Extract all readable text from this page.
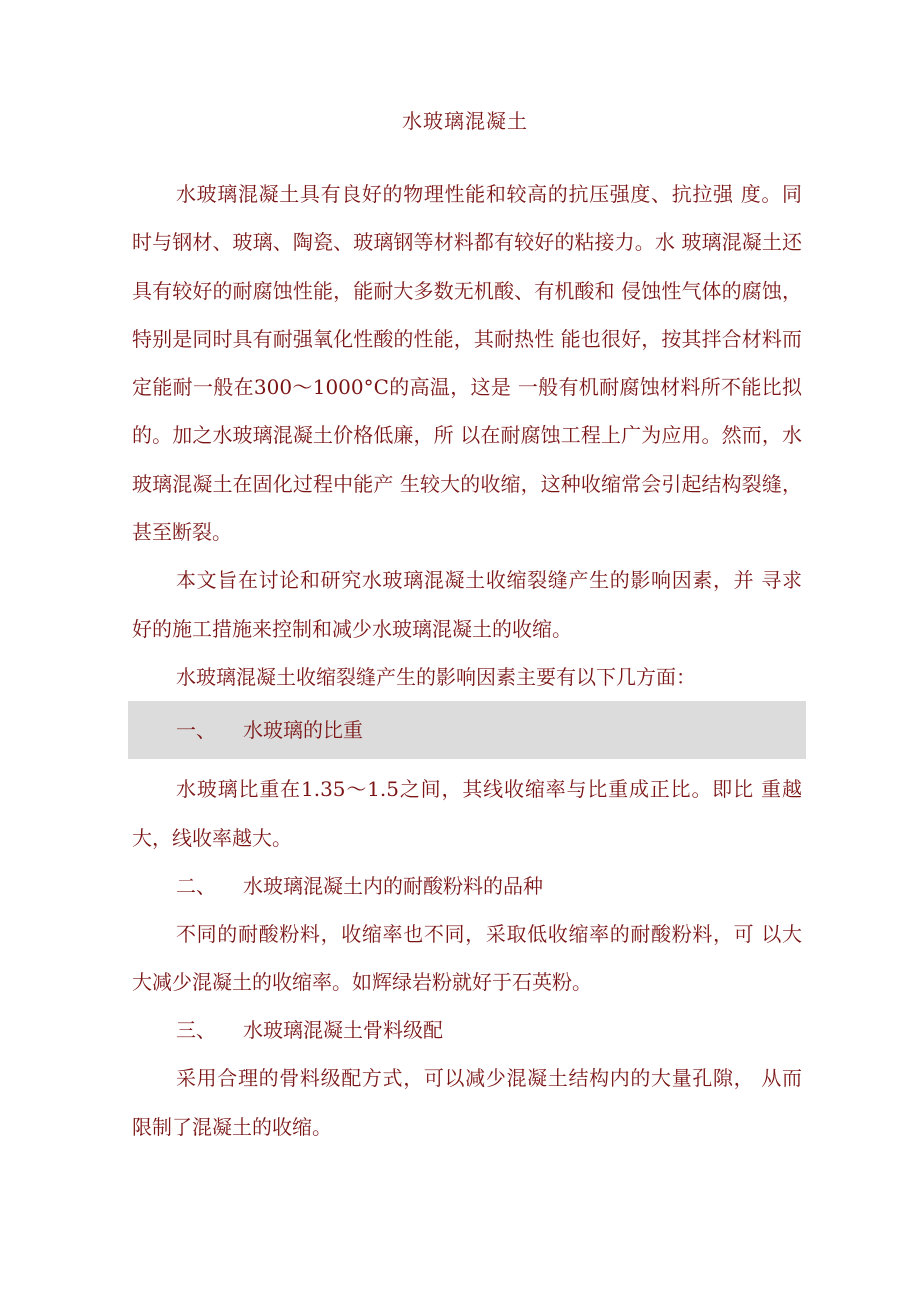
水玻璃混凝土

水玻璃混凝土具有良好的物理性能和较高的抗压强度、抗拉强 度。同时与钢材、玻璃、陶瓷、玻璃钢等材料都有较好的粘接力。水 玻璃混凝土还具有较好的耐腐蚀性能，能耐大多数无机酸、有机酸和 侵蚀性气体的腐蚀，特别是同时具有耐强氧化性酸的性能，其耐热性 能也很好，按其拌合材料而定能耐一般在300〜1000°C的高温，这是 一般有机耐腐蚀材料所不能比拟的。加之水玻璃混凝土价格低廉，所 以在耐腐蚀工程上广为应用。然而，水玻璃混凝土在固化过程中能产 生较大的收缩，这种收缩常会引起结构裂缝，甚至断裂。

本文旨在讨论和研究水玻璃混凝土收缩裂缝产生的影响因素，并 寻求好的施工措施来控制和减少水玻璃混凝土的收缩。

水玻璃混凝土收缩裂缝产生的影响因素主要有以下几方面：

一、	水玻璃的比重

水玻璃比重在1.35〜1.5之间，其线收缩率与比重成正比。即比 重越大，线收率越大。

二、	水玻璃混凝土内的耐酸粉料的品种

不同的耐酸粉料，收缩率也不同，采取低收缩率的耐酸粉料，可 以大大减少混凝土的收缩率。如辉绿岩粉就好于石英粉。

三、	水玻璃混凝土骨料级配

采用合理的骨料级配方式，可以减少混凝土结构内的大量孔隙， 从而限制了混凝土的收缩。
